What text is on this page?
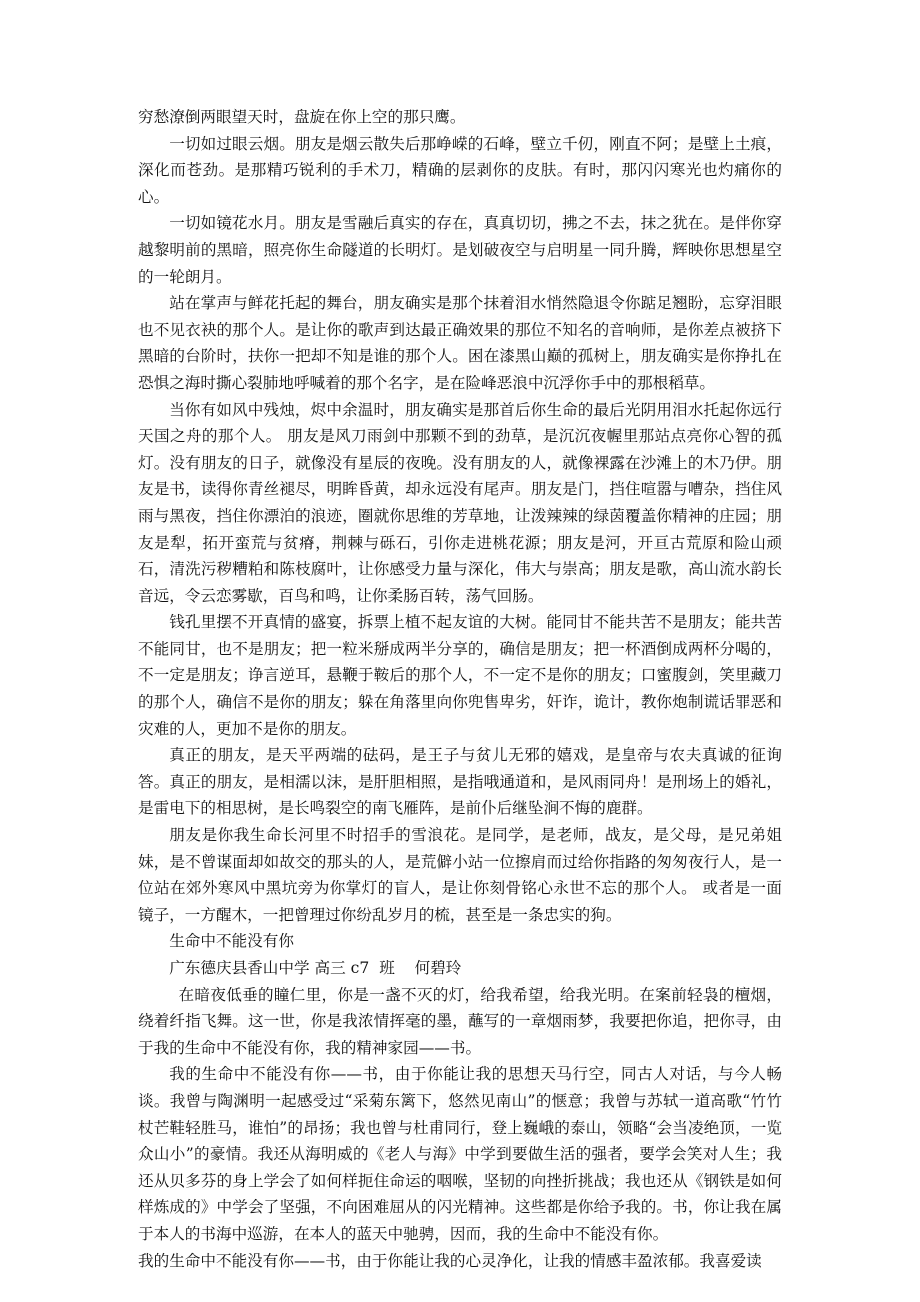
穷愁潦倒两眼望天时，盘旋在你上空的那只鹰。

一切如过眼云烟。朋友是烟云散失后那峥嵘的石峰，壁立千仞，刚直不阿；是壁上土痕，深化而苍劲。是那精巧锐利的手术刀，精确的层剥你的皮肤。有时，那闪闪寒光也灼痛你的心。

一切如镜花水月。朋友是雪融后真实的存在，真真切切，拂之不去，抹之犹在。是伴你穿越黎明前的黑暗，照亮你生命隧道的长明灯。是划破夜空与启明星一同升腾，辉映你思想星空的一轮朗月。

站在掌声与鲜花托起的舞台，朋友确实是那个抹着泪水悄然隐退令你踮足翘盼，忘穿泪眼也不见衣袂的那个人。是让你的歌声到达最正确效果的那位不知名的音响师，是你差点被挤下黑暗的台阶时，扶你一把却不知是谁的那个人。困在漆黑山巅的孤树上，朋友确实是你挣扎在恐惧之海时撕心裂肺地呼喊着的那个名字，是在险峰恶浪中沉浮你手中的那根稻草。

当你有如风中残烛，烬中余温时，朋友确实是那首后你生命的最后光阴用泪水托起你远行天国之舟的那个人。 朋友是风刀雨剑中那颗不到的劲草，是沉沉夜幄里那站点亮你心智的孤灯。没有朋友的日子，就像没有星辰的夜晚。没有朋友的人，就像裸露在沙滩上的木乃伊。朋友是书，读得你青丝褪尽，明眸昏黄，却永远没有尾声。朋友是门，挡住喧嚣与嘈杂，挡住风雨与黑夜，挡住你漂泊的浪迹，圈就你思维的芳草地，让泼辣辣的绿茵覆盖你精神的庄园；朋友是犁，拓开蛮荒与贫瘠，荆棘与砾石，引你走进桃花源；朋友是河，开亘古荒原和险山顽石，清洗污秽糟粕和陈枝腐叶，让你感受力量与深化，伟大与崇高；朋友是歌，高山流水韵长音远，令云恋雾歇，百鸟和鸣，让你柔肠百转，荡气回肠。

钱孔里摆不开真情的盛宴，拆票上植不起友谊的大树。能同甘不能共苦不是朋友；能共苦不能同甘，也不是朋友；把一粒米掰成两半分享的，确信是朋友；把一杯酒倒成两杯分喝的，不一定是朋友；诤言逆耳，悬鞭于鞍后的那个人，不一定不是你的朋友；口蜜腹剑，笑里藏刀的那个人，确信不是你的朋友；躲在角落里向你兜售卑劣，奸诈，诡计，教你炮制谎话罪恶和灾难的人，更加不是你的朋友。

真正的朋友，是天平两端的砝码，是王子与贫儿无邪的嬉戏，是皇帝与农夫真诚的征询答。真正的朋友，是相濡以沫，是肝胆相照，是指哦通道和，是风雨同舟！是刑场上的婚礼，是雷电下的相思树，是长鸣裂空的南飞雁阵，是前仆后继坠涧不悔的鹿群。

朋友是你我生命长河里不时招手的雪浪花。是同学，是老师，战友，是父母，是兄弟姐妹，是不曾谋面却如故交的那头的人，是荒僻小站一位擦肩而过给你指路的匆匆夜行人，是一位站在郊外寒风中黑坑旁为你掌灯的盲人，是让你刻骨铭心永世不忘的那个人。 或者是一面镜子，一方醒木，一把曾理过你纷乱岁月的梳，甚至是一条忠实的狗。

生命中不能没有你

广东德庆县香山中学 高三 c7  班    何碧玲

在暗夜低垂的瞳仁里，你是一盏不灭的灯，给我希望，给我光明。在案前轻袅的檀烟，绕着纤指飞舞。这一世，你是我浓情挥毫的墨，蘸写的一章烟雨梦，我要把你追，把你寻，由于我的生命中不能没有你，我的精神家园——书。

我的生命中不能没有你——书，由于你能让我的思想天马行空，同古人对话，与今人畅谈。我曾与陶渊明一起感受过“采菊东篱下，悠然见南山”的惬意；我曾与苏轼一道高歌“竹竹杖芒鞋轻胜马，谁怕”的昂扬；我也曾与杜甫同行，登上巍峨的泰山，领略“会当凌绝顶，一览众山小”的豪情。我还从海明威的《老人与海》中学到要做生活的强者，要学会笑对人生；我还从贝多芬的身上学会了如何样扼住命运的咽喉，坚韧的向挫折挑战；我也还从《钢铁是如何样炼成的》中学会了坚强，不向困难屈从的闪光精神。这些都是你给予我的。书，你让我在属于本人的书海中巡游，在本人的蓝天中驰骋，因而，我的生命中不能没有你。

我的生命中不能没有你——书，由于你能让我的心灵净化，让我的情感丰盈浓郁。我喜爱读
